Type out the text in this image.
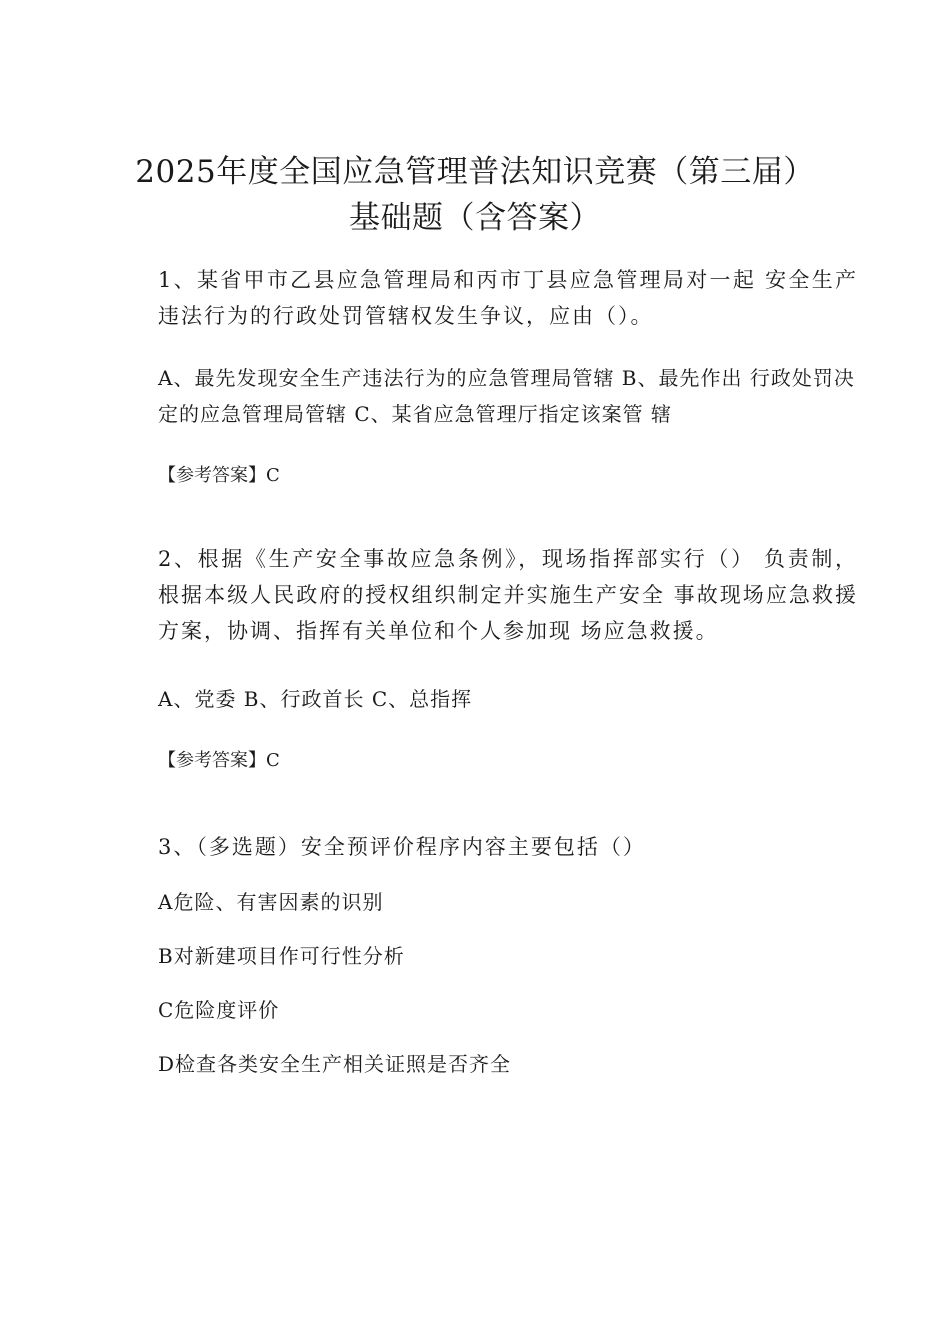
2025年度全国应急管理普法知识竞赛（第三届）
基础题（含答案）
1、某省甲市乙县应急管理局和丙市丁县应急管理局对一起 安全生产违法行为的行政处罚管辖权发生争议，应由（）。
A、最先发现安全生产违法行为的应急管理局管辖 B、最先作出 行政处罚决定的应急管理局管辖 C、某省应急管理厅指定该案管 辖
【参考答案】C
2、根据《生产安全事故应急条例》，现场指挥部实行（） 负责制，根据本级人民政府的授权组织制定并实施生产安全 事故现场应急救援方案，协调、指挥有关单位和个人参加现 场应急救援。
A、党委 B、行政首长 C、总指挥
【参考答案】C
3、（多选题）安全预评价程序内容主要包括（）
A危险、有害因素的识别
B对新建项目作可行性分析
C危险度评价
D检查各类安全生产相关证照是否齐全
